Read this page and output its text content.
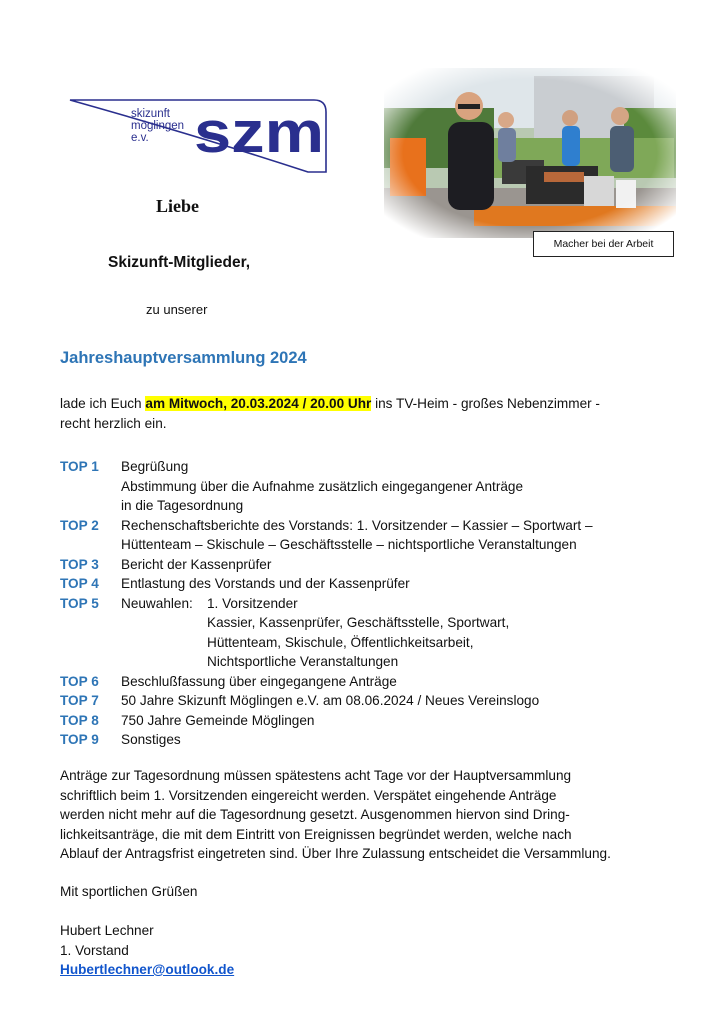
skizunft
möglingen
e.v. szm
Macher bei der Arbeit
Liebe
Skizunft-Mitglieder,
zu unserer
Jahreshauptversammlung 2024
lade ich Euch am Mitwoch, 20.03.2024 / 20.00 Uhr ins TV-Heim - großes Nebenzimmer -
recht herzlich ein.
TOP 1	Begrüßung
Abstimmung über die Aufnahme zusätzlich eingegangener Anträge
in die Tagesordnung
TOP 2	Rechenschaftsberichte des Vorstands: 1. Vorsitzender – Kassier – Sportwart –
Hüttenteam – Skischule – Geschäftsstelle – nichtsportliche Veranstaltungen
TOP 3	Bericht der Kassenprüfer
TOP 4	Entlastung des Vorstands und der Kassenprüfer
TOP 5	Neuwahlen:	1. Vorsitzender
Kassier, Kassenprüfer, Geschäftsstelle, Sportwart,
Hüttenteam, Skischule, Öffentlichkeitsarbeit,
Nichtsportliche Veranstaltungen
TOP 6	Beschlußfassung über eingegangene Anträge
TOP 7	50 Jahre Skizunft Möglingen e.V. am 08.06.2024 / Neues Vereinslogo
TOP 8	750 Jahre Gemeinde Möglingen
TOP 9	Sonstiges
Anträge zur Tagesordnung müssen spätestens acht Tage vor der Hauptversammlung
schriftlich beim 1. Vorsitzenden eingereicht werden. Verspätet eingehende Anträge
werden nicht mehr auf die Tagesordnung gesetzt. Ausgenommen hiervon sind Dring-
lichkeitsanträge, die mit dem Eintritt von Ereignissen begründet werden, welche nach
Ablauf der Antragsfrist eingetreten sind. Über Ihre Zulassung entscheidet die Versammlung.
Mit sportlichen Grüßen
Hubert Lechner
1. Vorstand
Hubertlechner@outlook.de
